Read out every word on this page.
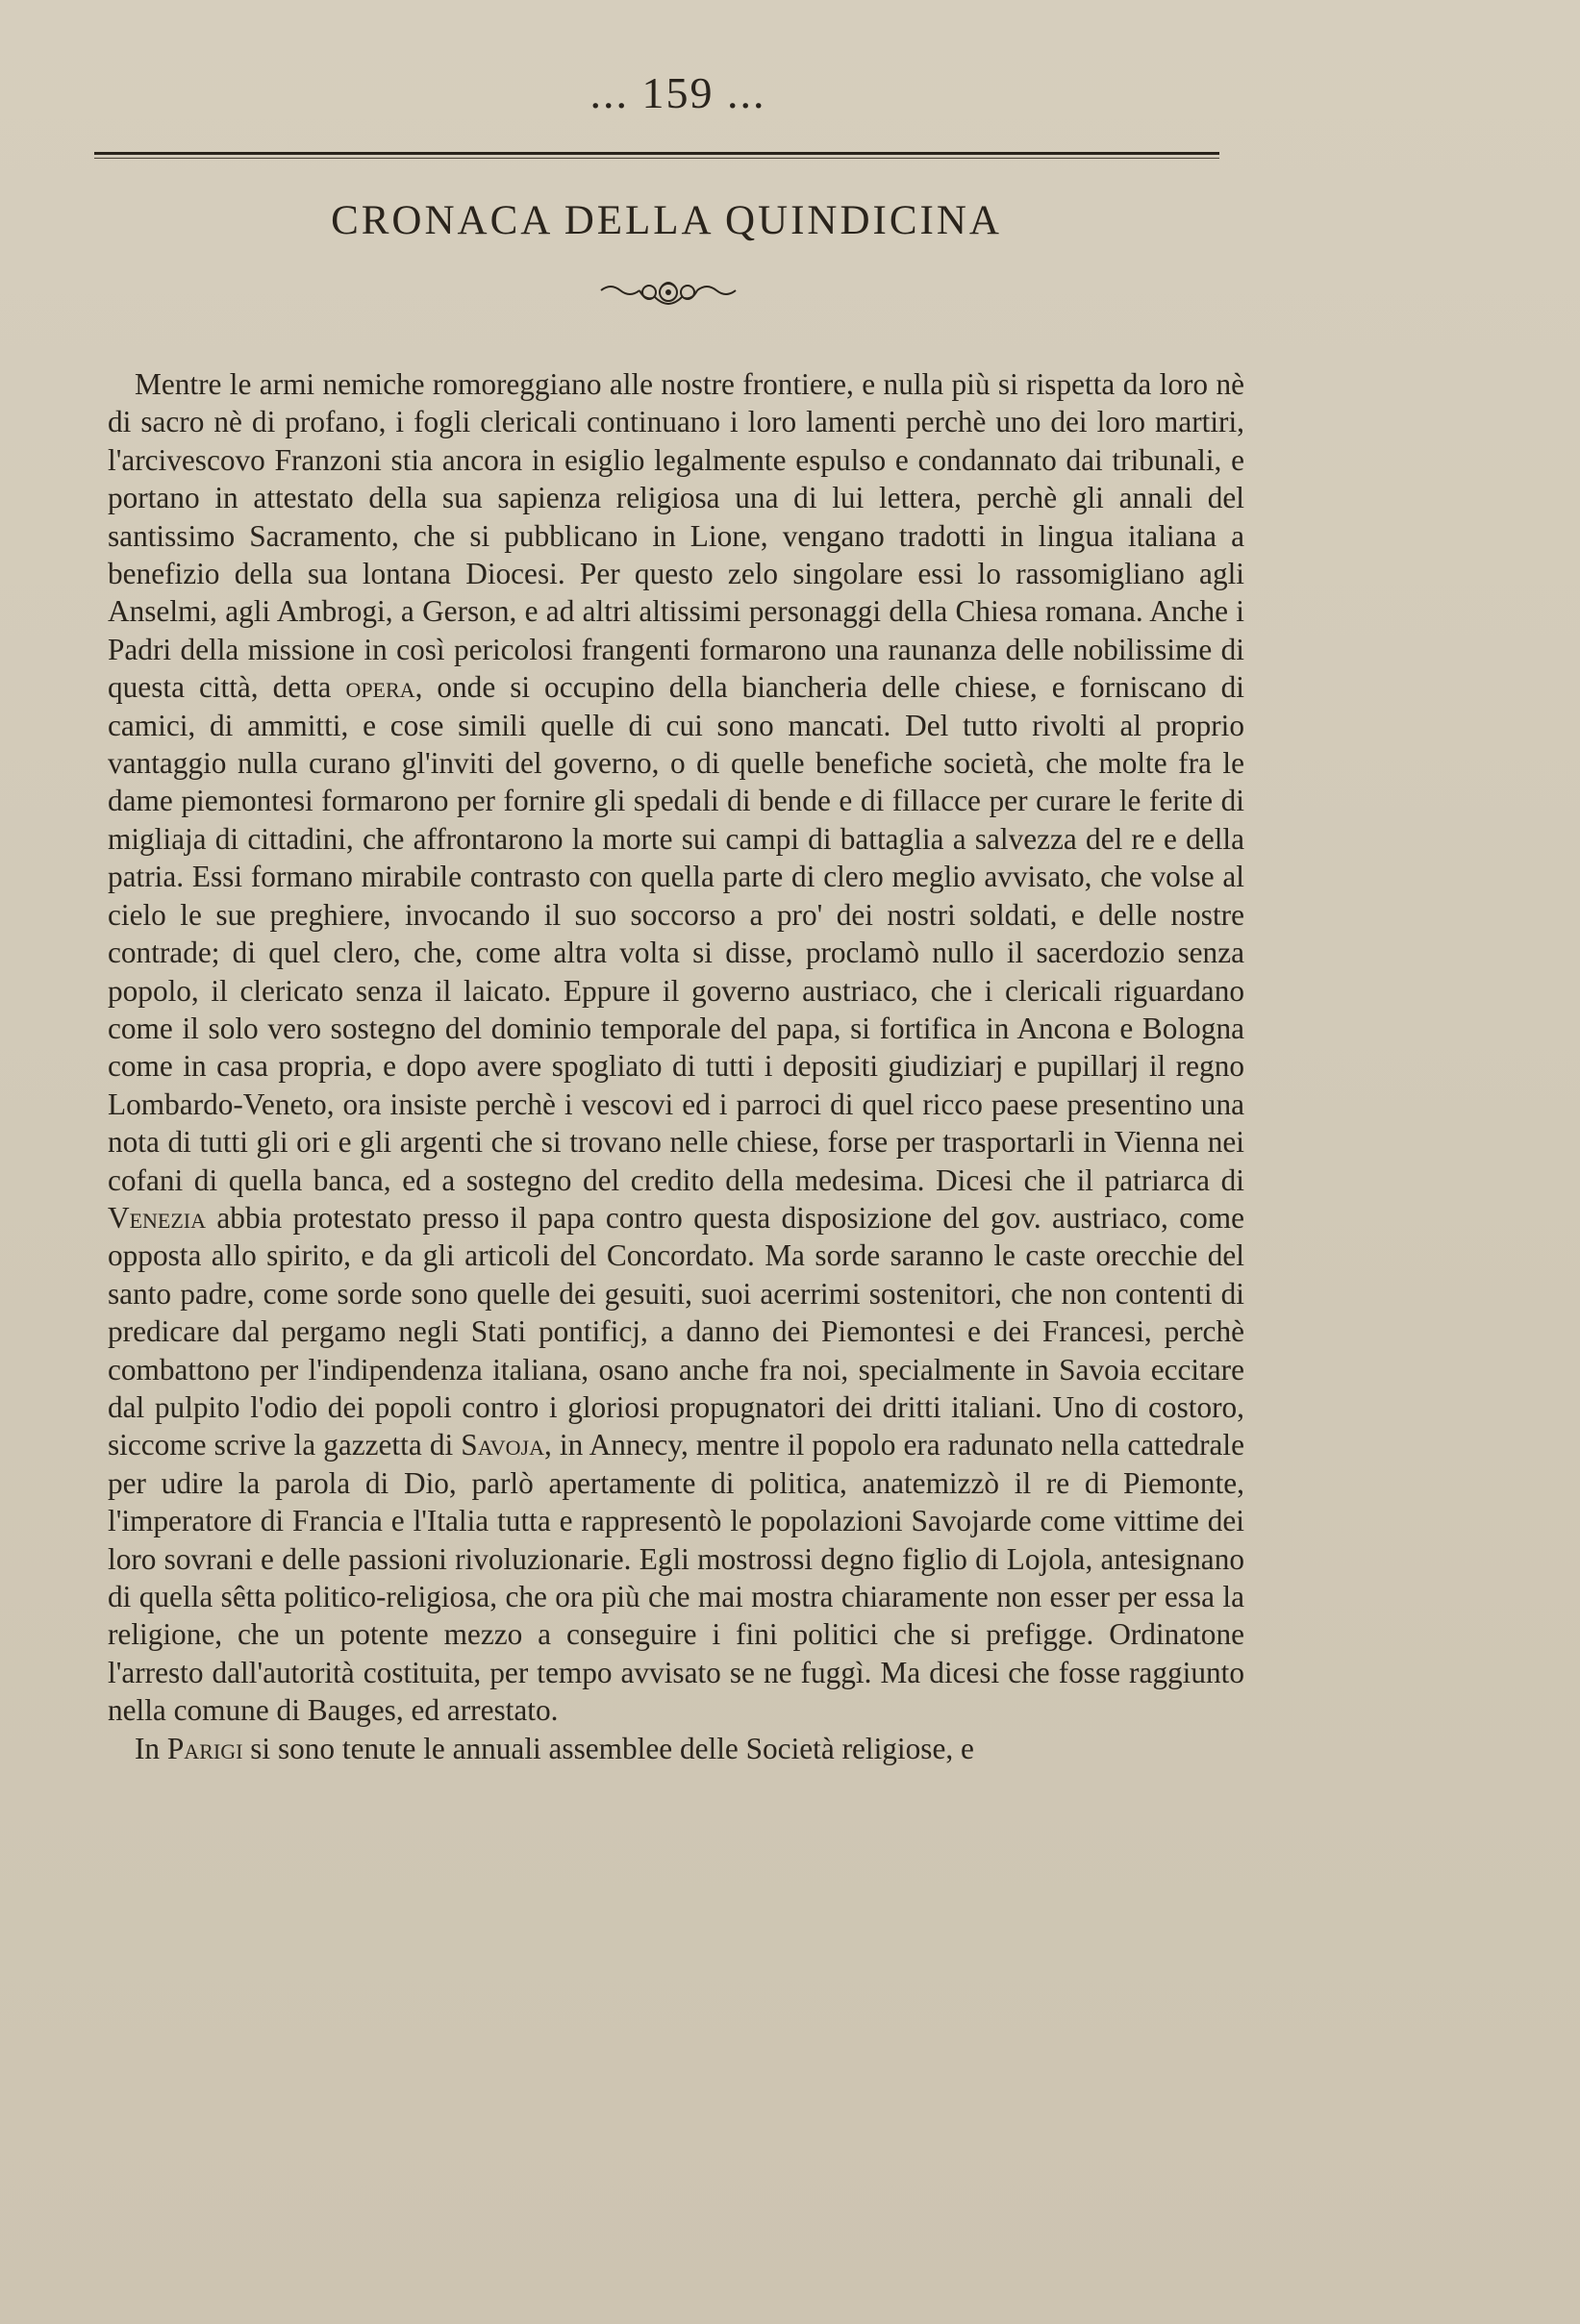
... 159 ...
CRONACA DELLA QUINDICINA

Mentre le armi nemiche romoreggiano alle nostre frontiere, e nulla più si rispetta da loro nè di sacro nè di profano, i fogli clericali continuano i loro lamenti perchè uno dei loro martiri, l'arcivescovo Franzoni stia ancora in esiglio legalmente espulso e condannato dai tribunali, e portano in attestato della sua sapienza religiosa una di lui lettera, perchè gli annali del santissimo Sacramento, che si pubblicano in Lione, vengano tradotti in lingua italiana a benefizio della sua lontana Diocesi. Per questo zelo singolare essi lo rassomigliano agli Anselmi, agli Ambrogi, a Gerson, e ad altri altissimi personaggi della Chiesa romana. Anche i Padri della missione in così pericolosi frangenti formarono una raunanza delle nobilissime di questa città, detta opera, onde si occupino della biancheria delle chiese, e forniscano di camici, di ammitti, e cose simili quelle di cui sono mancati. Del tutto rivolti al proprio vantaggio nulla curano gl'inviti del governo, o di quelle benefiche società, che molte fra le dame piemontesi formarono per fornire gli spedali di bende e di fillacce per curare le ferite di migliaja di cittadini, che affrontarono la morte sui campi di battaglia a salvezza del re e della patria. Essi formano mirabile contrasto con quella parte di clero meglio avvisato, che volse al cielo le sue preghiere, invocando il suo soccorso a pro' dei nostri soldati, e delle nostre contrade; di quel clero, che, come altra volta si disse, proclamò nullo il sacerdozio senza popolo, il clericato senza il laicato. Eppure il governo austriaco, che i clericali riguardano come il solo vero sostegno del dominio temporale del papa, si fortifica in Ancona e Bologna come in casa propria, e dopo avere spogliato di tutti i depositi giudiziarj e pupillarj il regno Lombardo-Veneto, ora insiste perchè i vescovi ed i parroci di quel ricco paese presentino una nota di tutti gli ori e gli argenti che si trovano nelle chiese, forse per trasportarli in Vienna nei cofani di quella banca, ed a sostegno del credito della medesima. Dicesi che il patriarca di Venezia abbia protestato presso il papa contro questa disposizione del gov. austriaco, come opposta allo spirito, e da gli articoli del Concordato. Ma sorde saranno le caste orecchie del santo padre, come sorde sono quelle dei gesuiti, suoi acerrimi sostenitori, che non contenti di predicare dal pergamo negli Stati pontificj, a danno dei Piemontesi e dei Francesi, perchè combattono per l'indipendenza italiana, osano anche fra noi, specialmente in Savoia eccitare dal pulpito l'odio dei popoli contro i gloriosi propugnatori dei dritti italiani. Uno di costoro, siccome scrive la gazzetta di Savoja, in Annecy, mentre il popolo era radunato nella cattedrale per udire la parola di Dio, parlò apertamente di politica, anatemizzò il re di Piemonte, l'imperatore di Francia e l'Italia tutta e rappresentò le popolazioni Savojarde come vittime dei loro sovrani e delle passioni rivoluzionarie. Egli mostrossi degno figlio di Lojola, antesignano di quella sêtta politico-religiosa, che ora più che mai mostra chiaramente non esser per essa la religione, che un potente mezzo a conseguire i fini politici che si prefigge. Ordinatone l'arresto dall'autorità costituita, per tempo avvisato se ne fuggì. Ma dicesi che fosse raggiunto nella comune di Bauges, ed arrestato.

In Parigi si sono tenute le annuali assemblee delle Società religiose, e
